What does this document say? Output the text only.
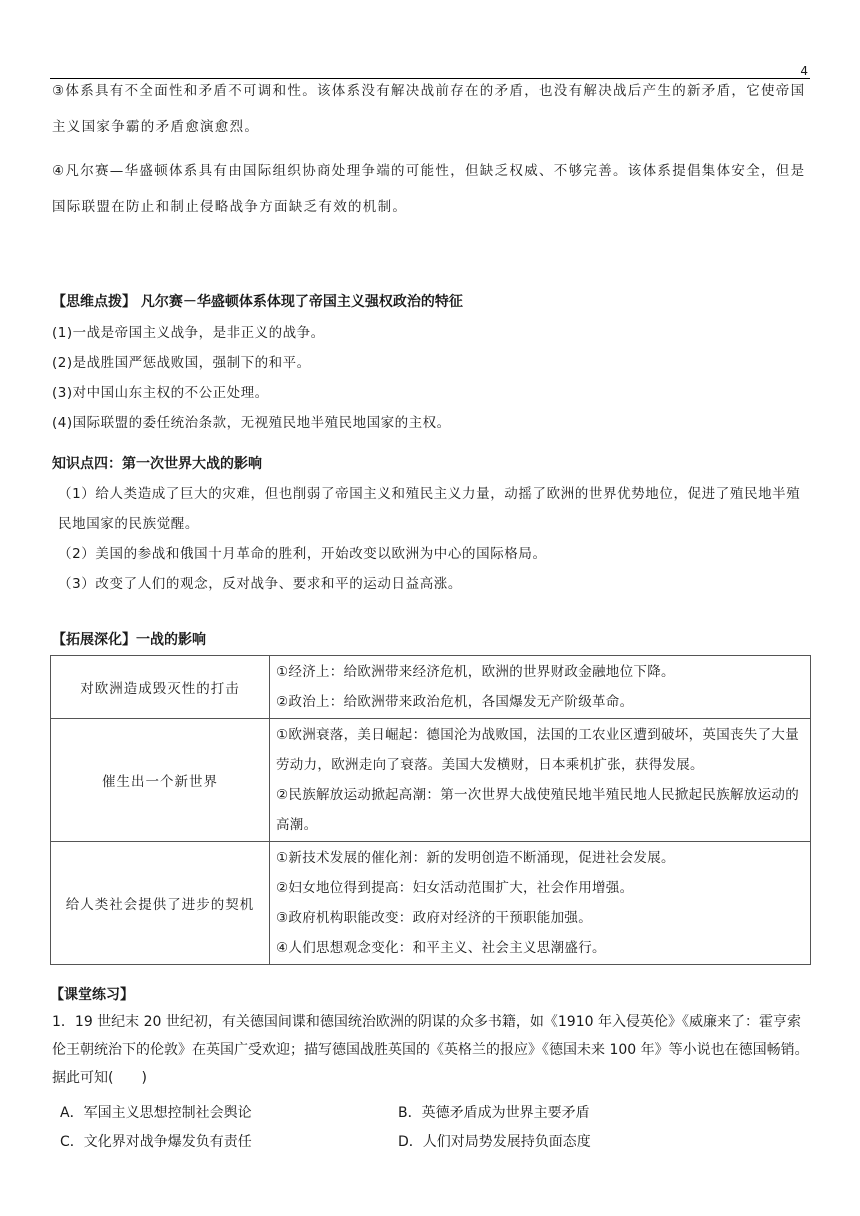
4
③体系具有不全面性和矛盾不可调和性。该体系没有解决战前存在的矛盾，也没有解决战后产生的新矛盾，它使帝国主义国家争霸的矛盾愈演愈烈。
④凡尔赛—华盛顿体系具有由国际组织协商处理争端的可能性，但缺乏权威、不够完善。该体系提倡集体安全，但是国际联盟在防止和制止侵略战争方面缺乏有效的机制。
【思维点拨】 凡尔赛－华盛顿体系体现了帝国主义强权政治的特征
(1)一战是帝国主义战争，是非正义的战争。
(2)是战胜国严惩战败国，强制下的和平。
(3)对中国山东主权的不公正处理。
(4)国际联盟的委任统治条款，无视殖民地半殖民地国家的主权。
知识点四：第一次世界大战的影响
（1）给人类造成了巨大的灾难，但也削弱了帝国主义和殖民主义力量，动摇了欧洲的世界优势地位，促进了殖民地半殖民地国家的民族觉醒。
（2）美国的参战和俄国十月革命的胜利，开始改变以欧洲为中心的国际格局。
（3）改变了人们的观念，反对战争、要求和平的运动日益高涨。
【拓展深化】一战的影响
对欧洲造成毁灭性的打击	①经济上：给欧洲带来经济危机，欧洲的世界财政金融地位下降。
②政治上：给欧洲带来政治危机，各国爆发无产阶级革命。

催生出一个新世界	①欧洲衰落，美日崛起：德国沦为战败国，法国的工农业区遭到破坏，英国丧失了大量劳动力，欧洲走向了衰落。美国大发横财，日本乘机扩张，获得发展。
②民族解放运动掀起高潮：第一次世界大战使殖民地半殖民地人民掀起民族解放运动的高潮。

给人类社会提供了进步的契机	①新技术发展的催化剂：新的发明创造不断涌现，促进社会发展。
②妇女地位得到提高：妇女活动范围扩大，社会作用增强。
③政府机构职能改变：政府对经济的干预职能加强。
④人们思想观念变化：和平主义、社会主义思潮盛行。
【课堂练习】
1．19 世纪末 20 世纪初，有关德国间谍和德国统治欧洲的阴谋的众多书籍，如《1910 年入侵英伦》《威廉来了：霍亨索伦王朝统治下的伦敦》在英国广受欢迎；描写德国战胜英国的《英格兰的报应》《德国未来 100 年》等小说也在德国畅销。据此可知(　　)
A．军国主义思想控制社会舆论	B．英德矛盾成为世界主要矛盾
C．文化界对战争爆发负有责任	D．人们对局势发展持负面态度
